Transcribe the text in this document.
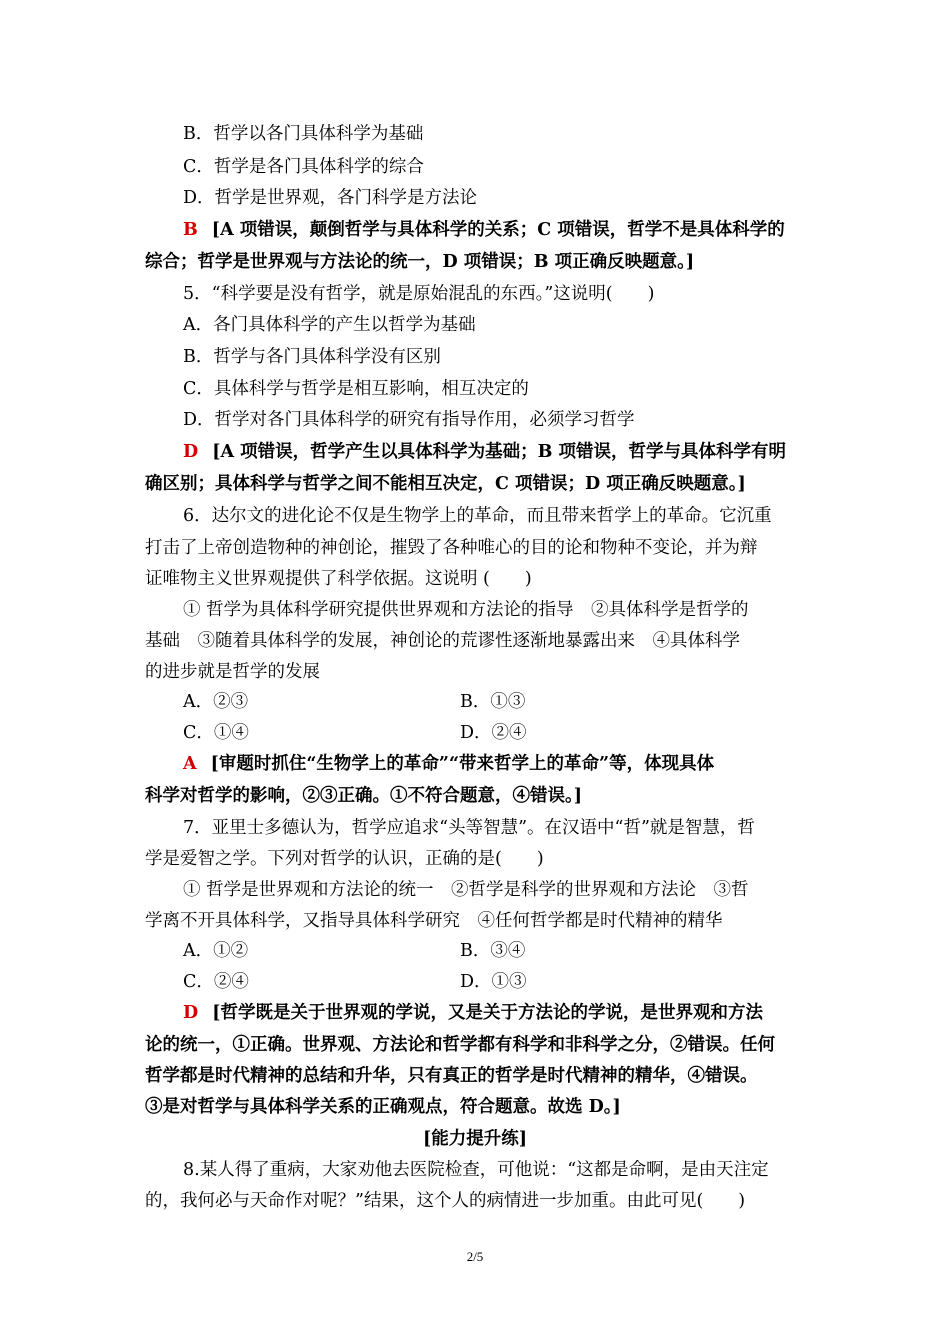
B．哲学以各门具体科学为基础
C．哲学是各门具体科学的综合
D．哲学是世界观，各门科学是方法论
B [A 项错误，颠倒哲学与具体科学的关系；C 项错误，哲学不是具体科学的
综合；哲学是世界观与方法论的统一，D 项错误；B 项正确反映题意。]
5．“科学要是没有哲学，就是原始混乱的东西。”这说明(　　)
A．各门具体科学的产生以哲学为基础
B．哲学与各门具体科学没有区别
C．具体科学与哲学是相互影响，相互决定的
D．哲学对各门具体科学的研究有指导作用，必须学习哲学
D [A 项错误，哲学产生以具体科学为基础；B 项错误，哲学与具体科学有明
确区别；具体科学与哲学之间不能相互决定，C 项错误；D 项正确反映题意。]
6．达尔文的进化论不仅是生物学上的革命，而且带来哲学上的革命。它沉重
打击了上帝创造物种的神创论，摧毁了各种唯心的目的论和物种不变论，并为辩
证唯物主义世界观提供了科学依据。这说明 (　　)
① 哲学为具体科学研究提供世界观和方法论的指导　②具体科学是哲学的
基础　③随着具体科学的发展，神创论的荒谬性逐渐地暴露出来　④具体科学
的进步就是哲学的发展
A．②③	B．①③
C．①④	D．②④
A [审题时抓住“生物学上的革命”“带来哲学上的革命”等，体现具体
科学对哲学的影响，②③正确。①不符合题意，④错误。]
7．亚里士多德认为，哲学应追求“头等智慧”。在汉语中“哲”就是智慧，哲
学是爱智之学。下列对哲学的认识，正确的是(　　)
① 哲学是世界观和方法论的统一　②哲学是科学的世界观和方法论　③哲
学离不开具体科学，又指导具体科学研究　④任何哲学都是时代精神的精华
A．①②	B．③④
C．②④	D．①③
D [哲学既是关于世界观的学说，又是关于方法论的学说，是世界观和方法
论的统一，①正确。世界观、方法论和哲学都有科学和非科学之分，②错误。任何
哲学都是时代精神的总结和升华，只有真正的哲学是时代精神的精华，④错误。
③是对哲学与具体科学关系的正确观点，符合题意。故选 D。]
[能力提升练]
8.某人得了重病，大家劝他去医院检查，可他说：“这都是命啊，是由天注定
的，我何必与天命作对呢？”结果，这个人的病情进一步加重。由此可见(　　)
2/5
